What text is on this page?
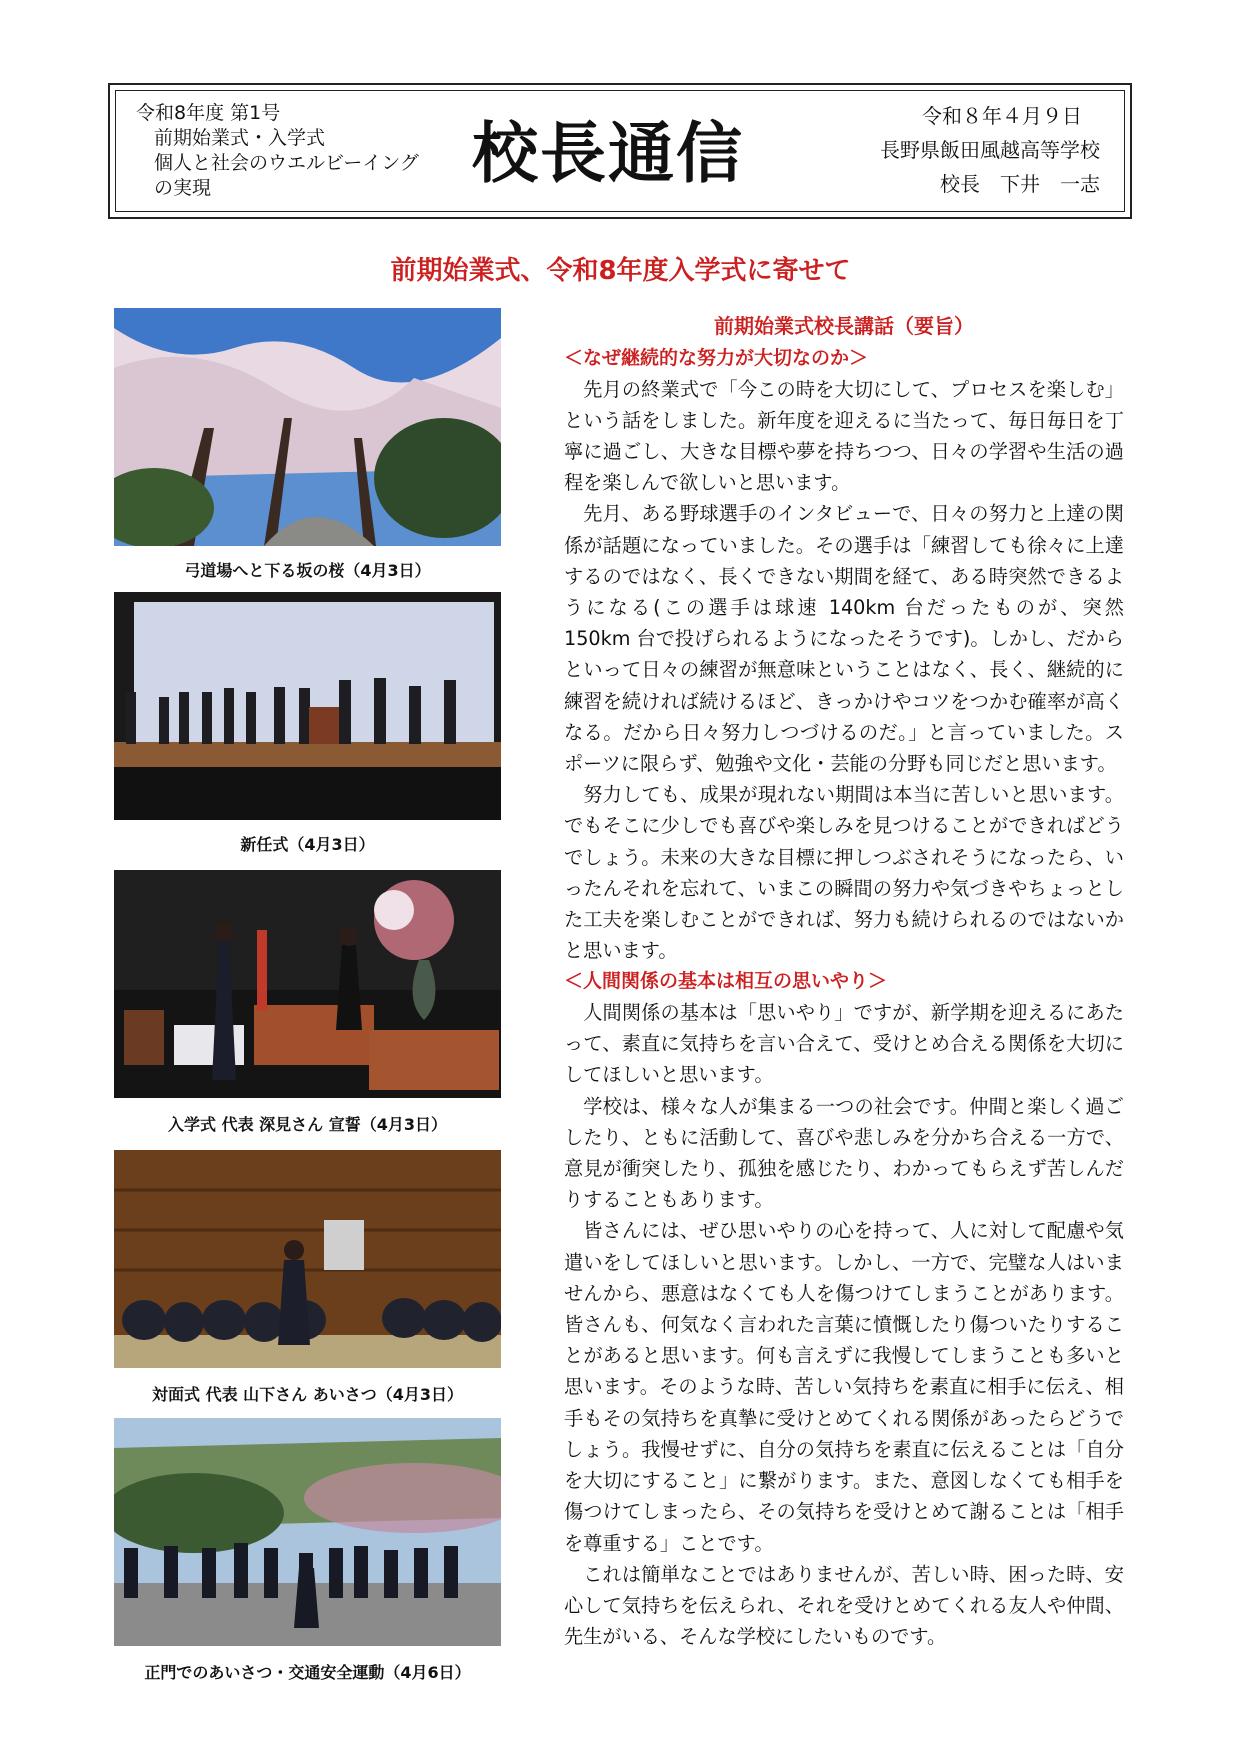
令和8年度 第1号
前期始業式・入学式
個人と社会のウエルビーイング
の実現	校長通信	令和８年４月９日
長野県飯田風越高等学校
校長　下井　一志
前期始業式、令和8年度入学式に寄せて
弓道場へと下る坂の桜（4月3日）
新任式（4月3日）
入学式 代表 深見さん 宣誓（4月3日）
対面式 代表 山下さん あいさつ（4月3日）
正門でのあいさつ・交通安全運動（4月6日）

前期始業式校長講話（要旨）

＜なぜ継続的な努力が大切なのか＞

先月の終業式で「今この時を大切にして、プロセスを楽しむ」という話をしました。新年度を迎えるに当たって、毎日毎日を丁寧に過ごし、大きな目標や夢を持ちつつ、日々の学習や生活の過程を楽しんで欲しいと思います。

先月、ある野球選手のインタビューで、日々の努力と上達の関係が話題になっていました。その選手は「練習しても徐々に上達するのではなく、長くできない期間を経て、ある時突然できるようになる(この選手は球速 140km 台だったものが、突然 150km 台で投げられるようになったそうです)。しかし、だからといって日々の練習が無意味ということはなく、長く、継続的に練習を続ければ続けるほど、きっかけやコツをつかむ確率が高くなる。だから日々努力しつづけるのだ。」と言っていました。スポーツに限らず、勉強や文化・芸能の分野も同じだと思います。

努力しても、成果が現れない期間は本当に苦しいと思います。でもそこに少しでも喜びや楽しみを見つけることができればどうでしょう。未来の大きな目標に押しつぶされそうになったら、いったんそれを忘れて、いまこの瞬間の努力や気づきやちょっとした工夫を楽しむことができれば、努力も続けられるのではないかと思います。

＜人間関係の基本は相互の思いやり＞

人間関係の基本は「思いやり」ですが、新学期を迎えるにあたって、素直に気持ちを言い合えて、受けとめ合える関係を大切にしてほしいと思います。

学校は、様々な人が集まる一つの社会です。仲間と楽しく過ごしたり、ともに活動して、喜びや悲しみを分かち合える一方で、意見が衝突したり、孤独を感じたり、わかってもらえず苦しんだりすることもあります。

皆さんには、ぜひ思いやりの心を持って、人に対して配慮や気遣いをしてほしいと思います。しかし、一方で、完璧な人はいませんから、悪意はなくても人を傷つけてしまうことがあります。皆さんも、何気なく言われた言葉に憤慨したり傷ついたりすることがあると思います。何も言えずに我慢してしまうことも多いと思います。そのような時、苦しい気持ちを素直に相手に伝え、相手もその気持ちを真摯に受けとめてくれる関係があったらどうでしょう。我慢せずに、自分の気持ちを素直に伝えることは「自分を大切にすること」に繋がります。また、意図しなくても相手を傷つけてしまったら、その気持ちを受けとめて謝ることは「相手を尊重する」ことです。

これは簡単なことではありませんが、苦しい時、困った時、安心して気持ちを伝えられ、それを受けとめてくれる友人や仲間、先生がいる、そんな学校にしたいものです。
